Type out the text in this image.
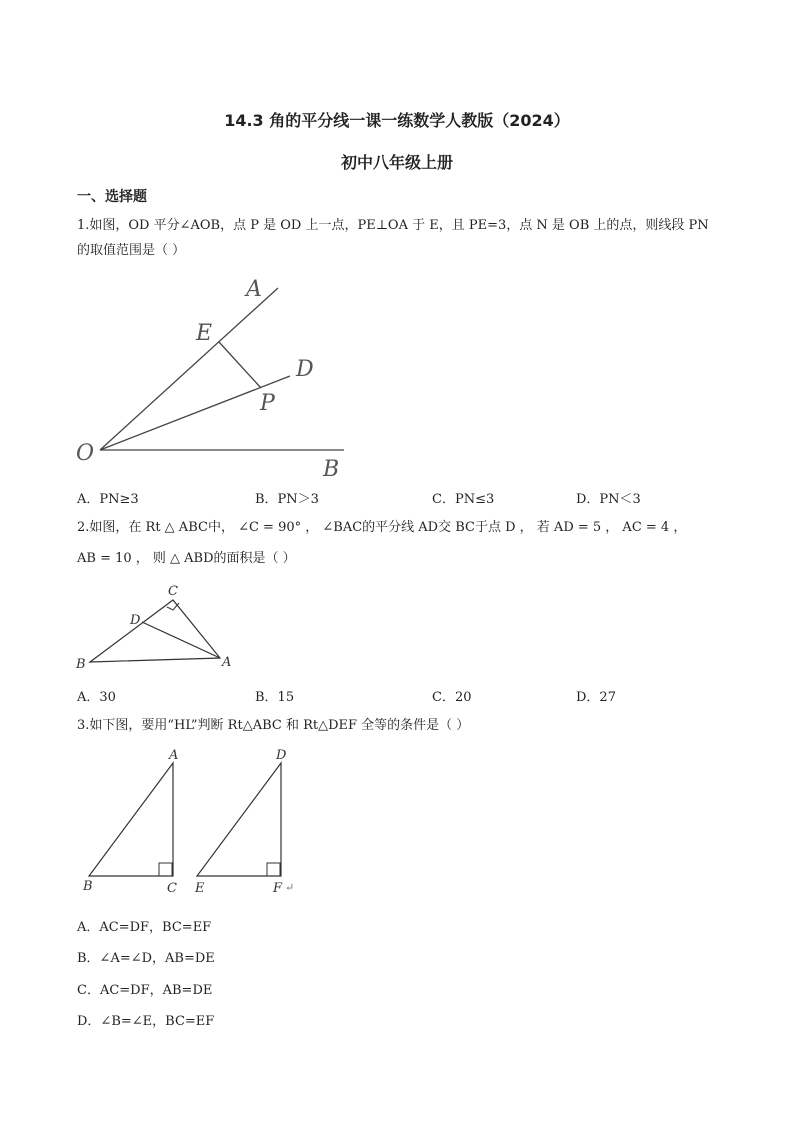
14.3 角的平分线一课一练数学人教版（2024）
初中八年级上册
一、选择题
1.如图，OD 平分∠AOB，点 P 是 OD 上一点，PE⊥OA 于 E，且 PE=3，点 N 是 OB 上的点，则线段 PN
的取值范围是（ ）
A
E
D
P
O
B
A．PN≥3	B．PN＞3	C．PN≤3	D．PN＜3
2.如图，在 Rt △ ABC中， ∠C = 90° ， ∠BAC的平分线 AD交 BC于点 D ， 若 AD = 5 ， AC = 4 ，
AB = 10 ， 则 △ ABD的面积是（ ）
C
D
B	A
A．30	B．15	C．20	D．27
3.如下图，要用“HL”判断 Rt△ABC 和 Rt△DEF 全等的条件是（ ）
A
B	C
D
E	F ↵
A．AC=DF，BC=EF
B．∠A=∠D，AB=DE
C．AC=DF，AB=DE
D．∠B=∠E，BC=EF
